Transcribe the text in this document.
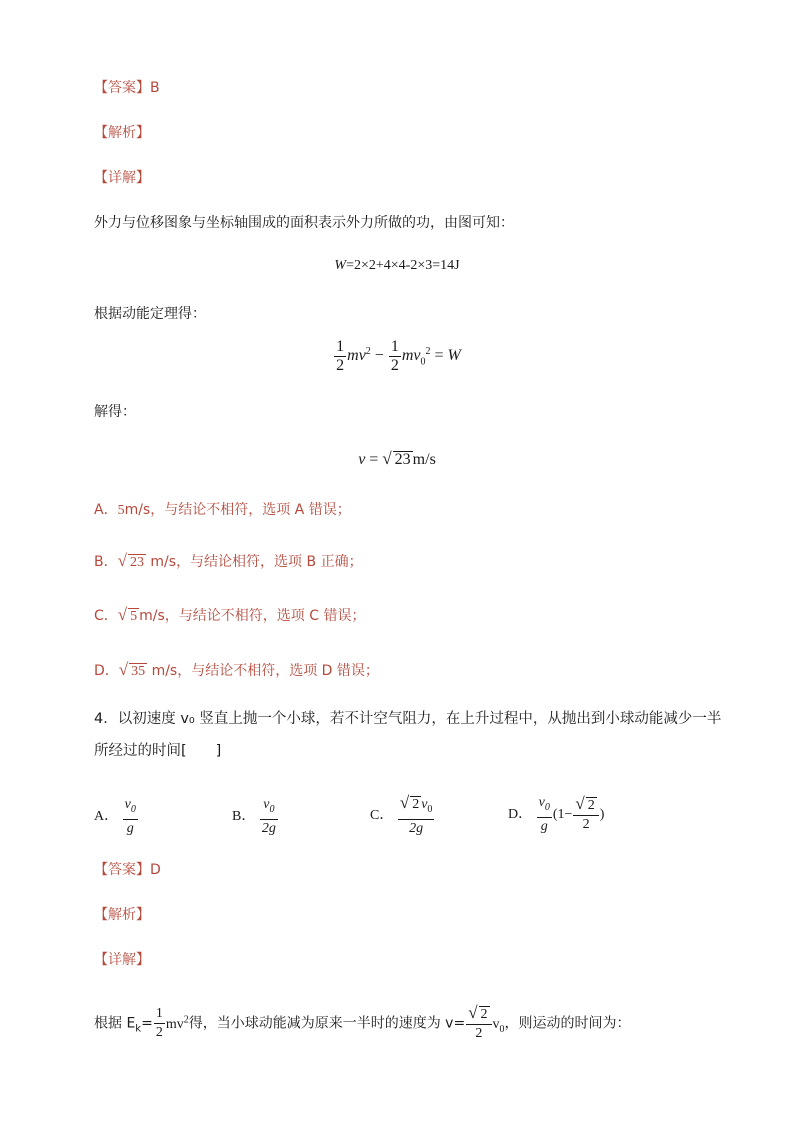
【答案】B
【解析】
【详解】
外力与位移图象与坐标轴围成的面积表示外力所做的功，由图可知：
W=2×2+4×4-2×3=14J
根据动能定理得：
$\frac{1}{2} mv^2 - \frac{1}{2} mv_0^2 = W$
解得：
v = √ 23 m/s
A．5m/s，与结论不相符，选项 A 错误；
B．√ 23 m/s，与结论相符，选项 B 正确；
C．√ 5 m/s，与结论不相符，选项 C 错误；
D．√ 35 m/s，与结论不相符，选项 D 错误；
4．以初速度 v₀ 竖直上抛一个小球，若不计空气阻力，在上升过程中，从抛出到小球动能减少一半
所经过的时间[　　]
A． $\frac{v_0}{g}$	B． $\frac{v_0}{2g}$	C． $\frac{√ 2 v_0}{2g}$	D． $\frac{v_0}{g} (1- \frac{√ 2}{2}$ )
【答案】D
【解析】
【详解】
根据 $E_k= \frac{1}{2} mv^2$得，当小球动能减为原来一半时的速度为 $v= \frac{√ 2}{2} v_0$，则运动的时间为：
